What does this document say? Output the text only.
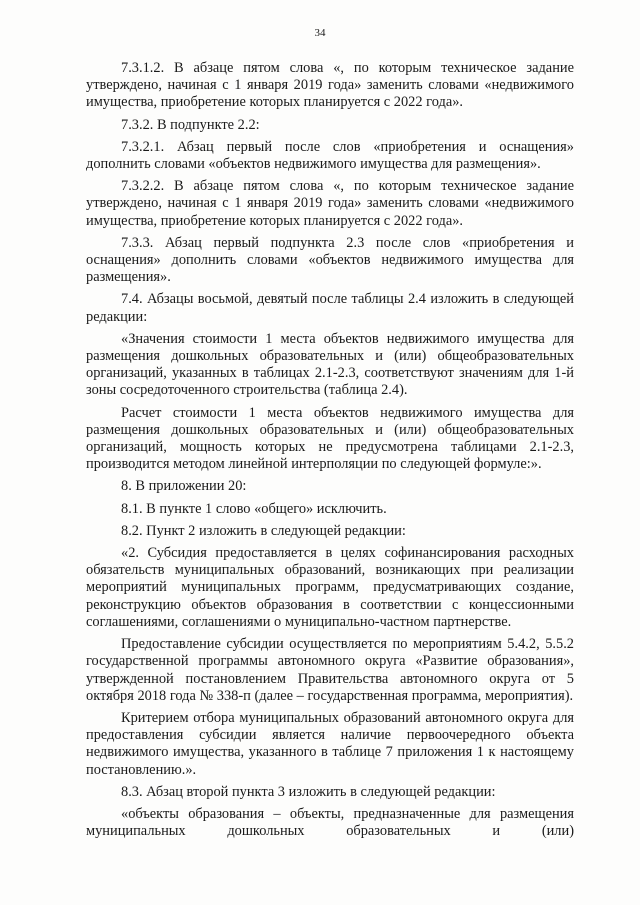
34

7.3.1.2. В абзаце пятом слова «, по которым техническое задание утверждено, начиная с 1 января 2019 года» заменить словами «недвижимого имущества, приобретение которых планируется с 2022 года».

7.3.2. В подпункте 2.2:

7.3.2.1. Абзац первый после слов «приобретения и оснащения» дополнить словами «объектов недвижимого имущества для размещения».

7.3.2.2. В абзаце пятом слова «, по которым техническое задание утверждено, начиная с 1 января 2019 года» заменить словами «недвижимого имущества, приобретение которых планируется с 2022 года».

7.3.3. Абзац первый подпункта 2.3 после слов «приобретения и оснащения» дополнить словами «объектов недвижимого имущества для размещения».

7.4. Абзацы восьмой, девятый после таблицы 2.4 изложить в следующей редакции:

«Значения стоимости 1 места объектов недвижимого имущества для размещения дошкольных образовательных и (или) общеобразовательных организаций, указанных в таблицах 2.1-2.3, соответствуют значениям для 1-й зоны сосредоточенного строительства (таблица 2.4).

Расчет стоимости 1 места объектов недвижимого имущества для размещения дошкольных образовательных и (или) общеобразовательных организаций, мощность которых не предусмотрена таблицами 2.1-2.3, производится методом линейной интерполяции по следующей формуле:».

8. В приложении 20:

8.1. В пункте 1 слово «общего» исключить.

8.2. Пункт 2 изложить в следующей редакции:

«2. Субсидия предоставляется в целях софинансирования расходных обязательств муниципальных образований, возникающих при реализации мероприятий муниципальных программ, предусматривающих создание, реконструкцию объектов образования в соответствии с концессионными соглашениями, соглашениями о муниципально-частном партнерстве.

Предоставление субсидии осуществляется по мероприятиям 5.4.2, 5.5.2 государственной программы автономного округа «Развитие образования», утвержденной постановлением Правительства автономного округа от 5 октября 2018 года № 338-п (далее – государственная программа, мероприятия).

Критерием отбора муниципальных образований автономного округа для предоставления субсидии является наличие первоочередного объекта недвижимого имущества, указанного в таблице 7 приложения 1 к настоящему постановлению.».

8.3. Абзац второй пункта 3 изложить в следующей редакции:

«объекты образования – объекты, предназначенные для размещения муниципальных дошкольных образовательных и (или)
